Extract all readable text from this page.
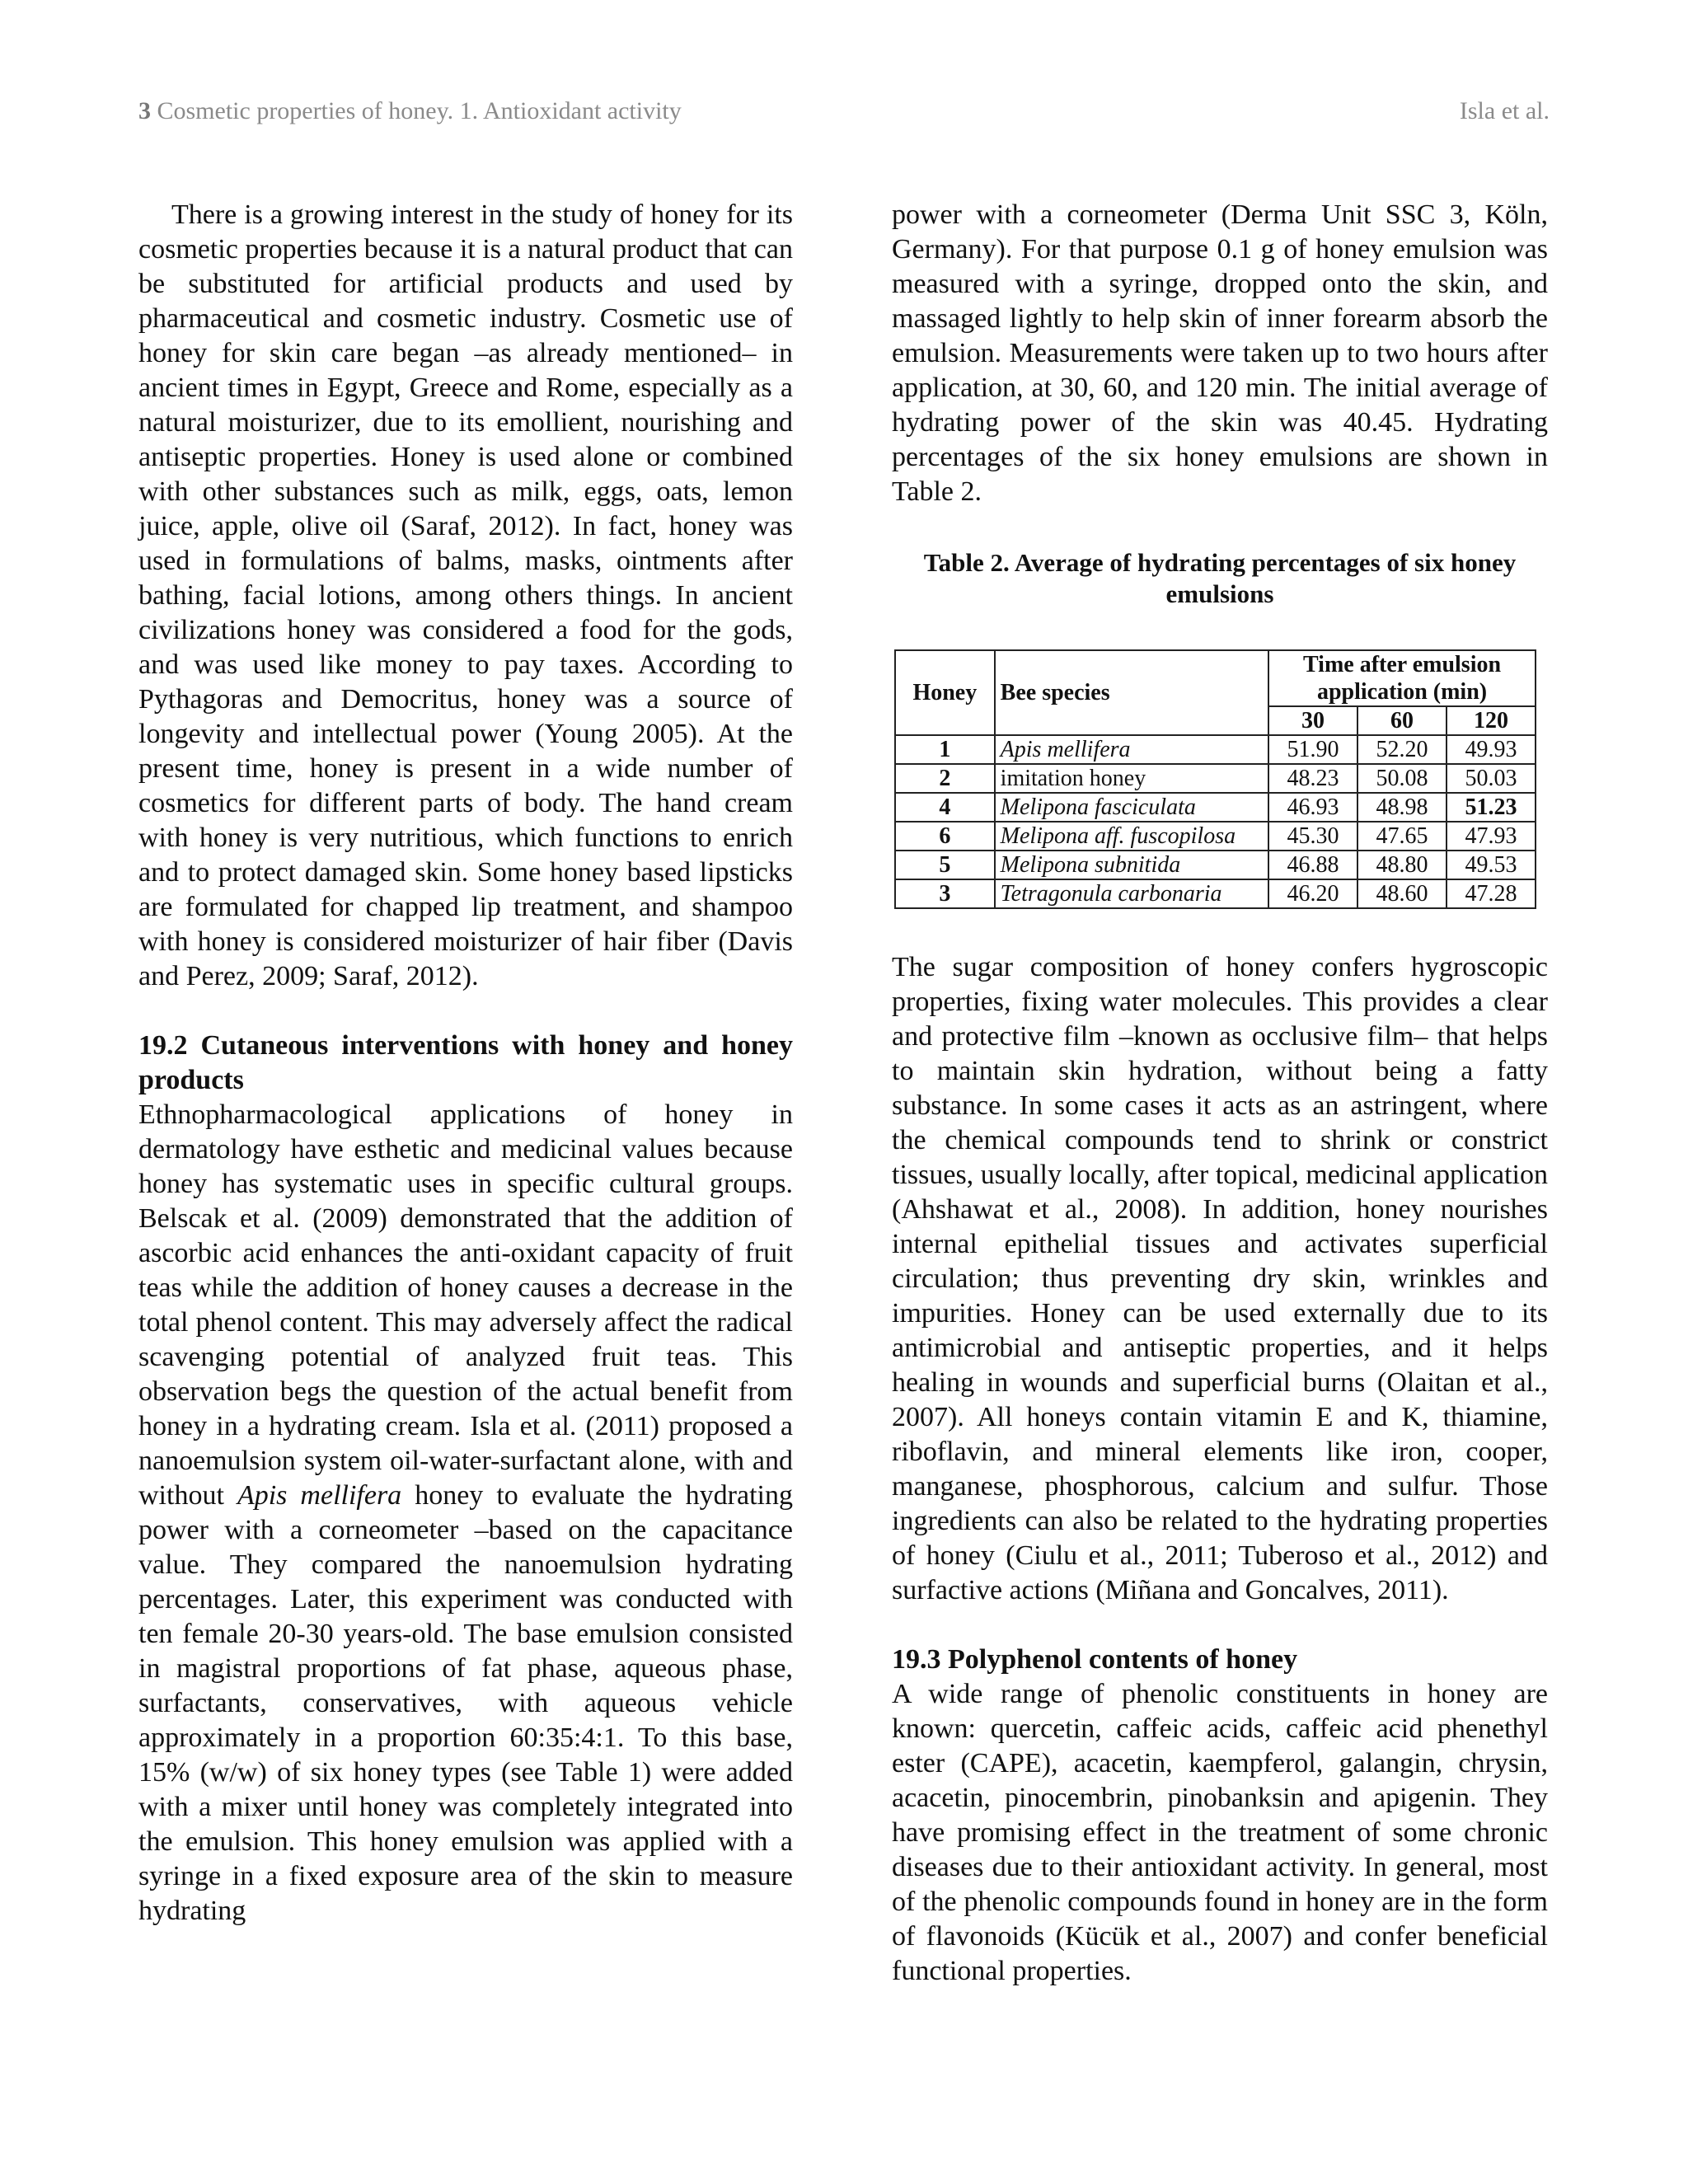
3 Cosmetic properties of honey. 1. Antioxidant activity	Isla et al.

There is a growing interest in the study of honey for its cosmetic properties because it is a natural product that can be substituted for artificial products and used by pharmaceutical and cosmetic industry. Cosmetic use of honey for skin care began –as already mentioned– in ancient times in Egypt, Greece and Rome, especially as a natural moisturizer, due to its emollient, nourishing and antiseptic properties. Honey is used alone or combined with other substances such as milk, eggs, oats, lemon juice, apple, olive oil (Saraf, 2012). In fact, honey was used in formulations of balms, masks, ointments after bathing, facial lotions, among others things. In ancient civilizations honey was considered a food for the gods, and was used like money to pay taxes. According to Pythagoras and Democritus, honey was a source of longevity and intellectual power (Young 2005). At the present time, honey is present in a wide number of cosmetics for different parts of body. The hand cream with honey is very nutritious, which functions to enrich and to protect damaged skin. Some honey based lipsticks are formulated for chapped lip treatment, and shampoo with honey is considered moisturizer of hair fiber (Davis and Perez, 2009; Saraf, 2012).

19.2 Cutaneous interventions with honey and honey products

Ethnopharmacological applications of honey in dermatology have esthetic and medicinal values because honey has systematic uses in specific cultural groups. Belscak et al. (2009) demonstrated that the addition of ascorbic acid enhances the anti-oxidant capacity of fruit teas while the addition of honey causes a decrease in the total phenol content. This may adversely affect the radical scavenging potential of analyzed fruit teas. This observation begs the question of the actual benefit from honey in a hydrating cream. Isla et al. (2011) proposed a nanoemulsion system oil-water-surfactant alone, with and without Apis mellifera honey to evaluate the hydrating power with a corneometer –based on the capacitance value. They compared the nanoemulsion hydrating percentages. Later, this experiment was conducted with ten female 20-30 years-old. The base emulsion consisted in magistral proportions of fat phase, aqueous phase, surfactants, conservatives, with aqueous vehicle approximately in a proportion 60:35:4:1. To this base, 15% (w/w) of six honey types (see Table 1) were added with a mixer until honey was completely integrated into the emulsion. This honey emulsion was applied with a syringe in a fixed exposure area of the skin to measure hydrating

power with a corneometer (Derma Unit SSC 3, Köln, Germany). For that purpose 0.1 g of honey emulsion was measured with a syringe, dropped onto the skin, and massaged lightly to help skin of inner forearm absorb the emulsion. Measurements were taken up to two hours after application, at 30, 60, and 120 min. The initial average of hydrating power of the skin was 40.45. Hydrating percentages of the six honey emulsions are shown in Table 2.

Table 2. Average of hydrating percentages of six honey emulsions
Honey	Bee species	Time after emulsion application (min)		
		30	60	120
1	Apis mellifera	51.90	52.20	49.93
2	imitation honey	48.23	50.08	50.03
4	Melipona fasciculata	46.93	48.98	51.23
6	Melipona aff. fuscopilosa	45.30	47.65	47.93
5	Melipona subnitida	46.88	48.80	49.53
3	Tetragonula carbonaria	46.20	48.60	47.28

The sugar composition of honey confers hygroscopic properties, fixing water molecules. This provides a clear and protective film –known as occlusive film– that helps to maintain skin hydration, without being a fatty substance. In some cases it acts as an astringent, where the chemical compounds tend to shrink or constrict tissues, usually locally, after topical, medicinal application (Ahshawat et al., 2008). In addition, honey nourishes internal epithelial tissues and activates superficial circulation; thus preventing dry skin, wrinkles and impurities. Honey can be used externally due to its antimicrobial and antiseptic properties, and it helps healing in wounds and superficial burns (Olaitan et al., 2007). All honeys contain vitamin E and K, thiamine, riboflavin, and mineral elements like iron, cooper, manganese, phosphorous, calcium and sulfur. Those ingredients can also be related to the hydrating properties of honey (Ciulu et al., 2011; Tuberoso et al., 2012) and surfactive actions (Miñana and Goncalves, 2011).

19.3 Polyphenol contents of honey

A wide range of phenolic constituents in honey are known: quercetin, caffeic acids, caffeic acid phenethyl ester (CAPE), acacetin, kaempferol, galangin, chrysin, acacetin, pinocembrin, pinobanksin and apigenin. They have promising effect in the treatment of some chronic diseases due to their antioxidant activity. In general, most of the phenolic compounds found in honey are in the form of flavonoids (Kücük et al., 2007) and confer beneficial functional properties.
